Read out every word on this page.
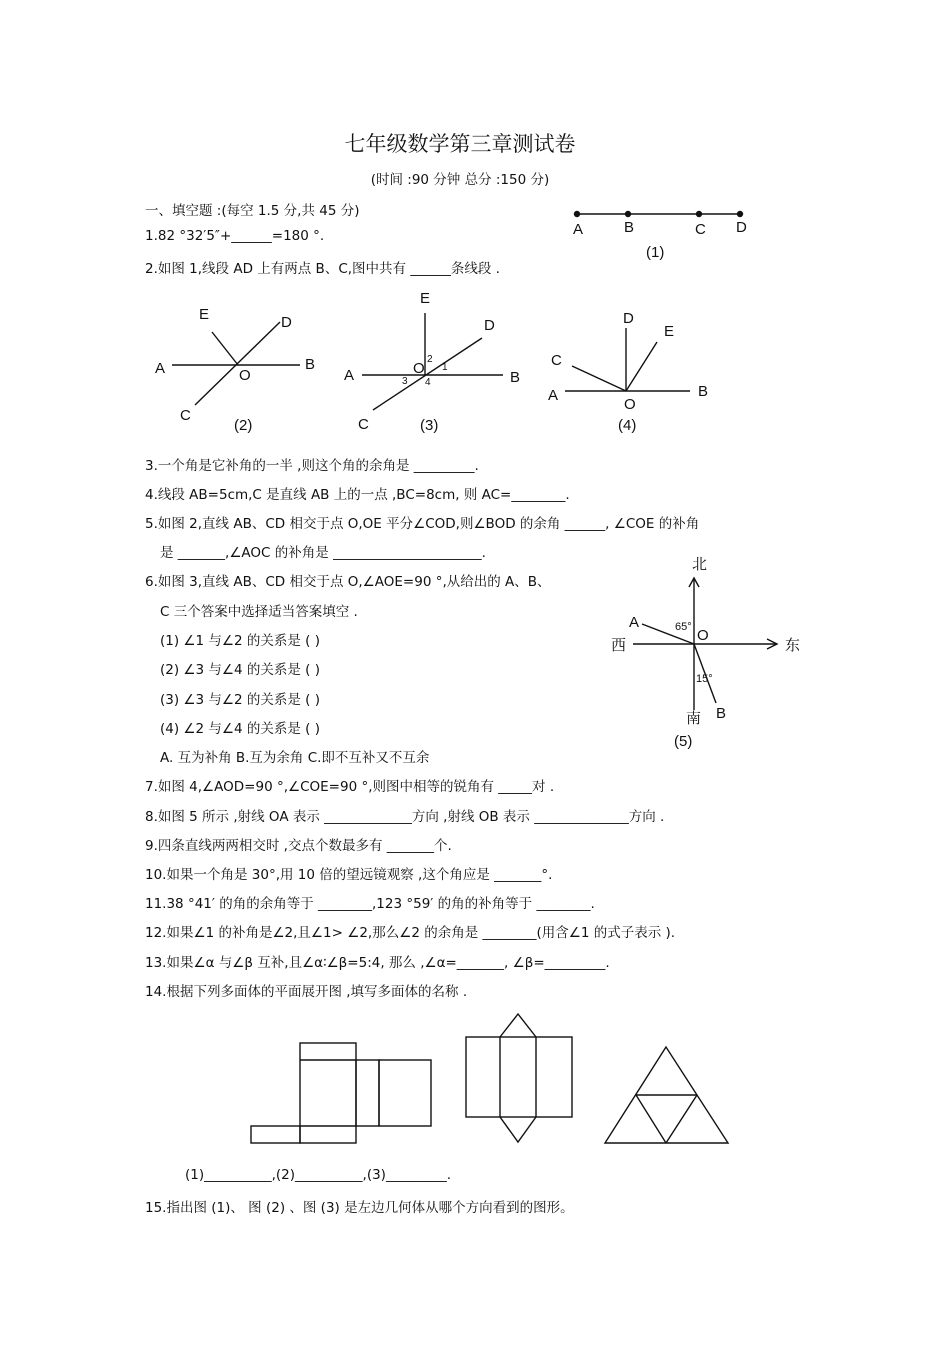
七年级数学第三章测试卷
(时间 :90 分钟 总分 :150 分)
一、填空题 :(每空 1.5 分,共 45 分)
1.82 °32′5″+______=180 °.
2.如图 1,线段 AD 上有两点 B、C,图中共有 ______条线段 .
3.一个角是它补角的一半 ,则这个角的余角是 _________.
4.线段 AB=5cm,C 是直线 AB 上的一点 ,BC=8cm, 则 AC=________.
5.如图 2,直线 AB、CD 相交于点 O,OE 平分∠COD,则∠BOD 的余角 ______, ∠COE 的补角
是 _______,∠AOC 的补角是 ______________________.
6.如图 3,直线 AB、CD 相交于点 O,∠AOE=90 °,从给出的 A、B、
C 三个答案中选择适当答案填空 .
(1) ∠1 与∠2 的关系是 ( )
(2) ∠3 与∠4 的关系是 ( )
(3) ∠3 与∠2 的关系是 ( )
(4) ∠2 与∠4 的关系是 ( )
A. 互为补角 B.互为余角 C.即不互补又不互余
7.如图 4,∠AOD=90 °,∠COE=90 °,则图中相等的锐角有 _____对 .
8.如图 5 所示 ,射线 OA 表示 _____________方向 ,射线 OB 表示 ______________方向 .
9.四条直线两两相交时 ,交点个数最多有 _______个.
10.如果一个角是 30°,用 10 倍的望远镜观察 ,这个角应是 _______°.
11.38 °41′ 的角的余角等于 ________,123 °59′ 的角的补角等于 ________.
12.如果∠1 的补角是∠2,且∠1> ∠2,那么∠2 的余角是 ________(用含∠1 的式子表示 ).
13.如果∠α 与∠β 互补,且∠α∶∠β=5:4, 那么 ,∠α=_______, ∠β=_________.
14.根据下列多面体的平面展开图 ,填写多面体的名称 .
(1)__________,(2)__________,(3)_________.
15.指出图 (1)、 图 (2) 、图 (3) 是左边几何体从哪个方向看到的图形。
A	B	C D
(1)
A	B
C
D
E
O
(2)
A	B
C
D
E
O 1
2
3 4
(3)
A	B
C
D
E
O
(4)
北
南
东
西
A
B
O
65°
15°
(5)
